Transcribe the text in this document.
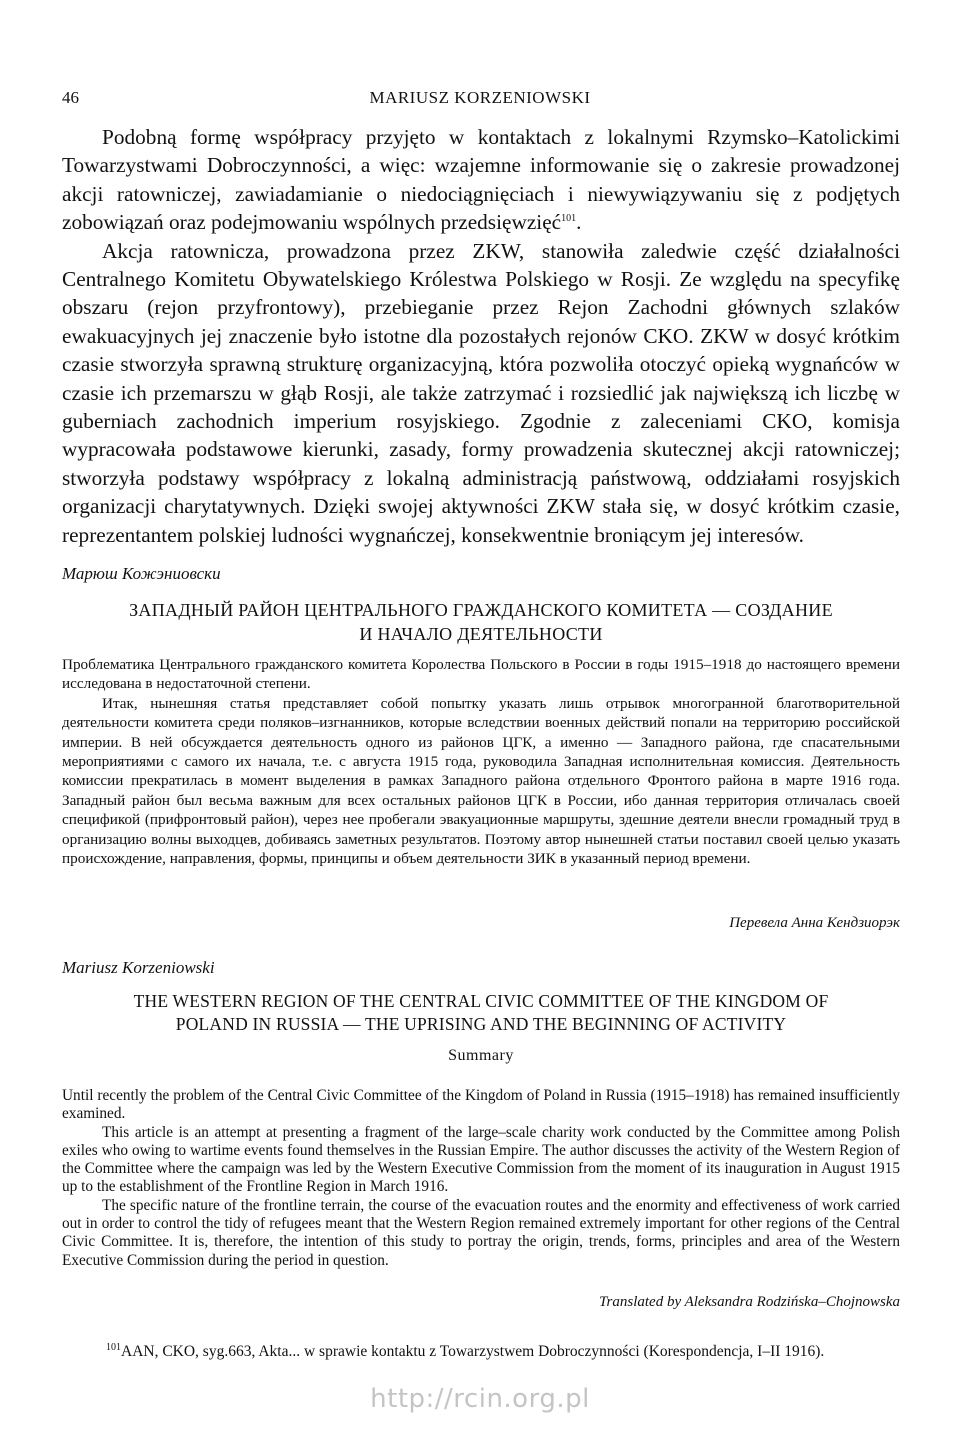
46	MARIUSZ KORZENIOWSKI

Podobną formę współpracy przyjęto w kontaktach z lokalnymi Rzymsko–Katolickimi Towarzystwami Dobroczynności, a więc: wzajemne informowanie się o zakresie prowadzonej akcji ratowniczej, zawiadamianie o niedociągnięciach i niewywiązywaniu się z podjętych zobowiązań oraz podejmowaniu wspólnych przedsięwzięć$^{101}$.

Akcja ratownicza, prowadzona przez ZKW, stanowiła zaledwie część działalności Centralnego Komitetu Obywatelskiego Królestwa Polskiego w Rosji. Ze względu na specyfikę obszaru (rejon przyfrontowy), przebieganie przez Rejon Zachodni głównych szlaków ewakuacyjnych jej znaczenie było istotne dla pozostałych rejonów CKO. ZKW w dosyć krótkim czasie stworzyła sprawną strukturę organizacyjną, która pozwoliła otoczyć opieką wygnańców w czasie ich przemarszu w głąb Rosji, ale także zatrzymać i rozsiedlić jak największą ich liczbę w guberniach zachodnich imperium rosyjskiego. Zgodnie z zaleceniami CKO, komisja wypracowała podstawowe kierunki, zasady, formy prowadzenia skutecznej akcji ratowniczej; stworzyła podstawy współpracy z lokalną administracją państwową, oddziałami rosyjskich organizacji charytatywnych. Dzięki swojej aktywności ZKW stała się, w dosyć krótkim czasie, reprezentantem polskiej ludności wygnańczej, konsekwentnie broniącym jej interesów.

Марюш Кожэниовски
ЗАПАДНЫЙ РАЙОН ЦЕНТРАЛЬНОГО ГРАЖДАНСКОГО КОМИТЕТА — СОЗДАНИЕ
И НАЧАЛО ДЕЯТЕЛЬНОСТИ

Проблематика Центрального гражданского комитета Королества Польского в России в годы 1915–1918 до настоящего времени исследована в недостаточной степени.

Итак, нынешняя статья представляет собой попытку указать лишь отрывок многогранной благотворительной деятельности комитета среди поляков–изгнанников, которые вследствии военных действий попали на территорию российской империи. В ней обсуждается деятельность одного из районов ЦГК, а именно — Западного района, где спасательными мероприятиями с самого их начала, т.е. с августа 1915 года, руководила Западная исполнительная комиссия. Деятельность комиссии прекратилась в момент выделения в рамках Западного района отдельного Фронтого района в марте 1916 года. Западный район был весьма важным для всех остальных районов ЦГК в России, ибо данная территория отличалась своей спецификой (прифронтовый район), через нее пробегали эвакуационные маршруты, здешние деятели внесли громадный труд в организацию волны выходцев, добиваясь заметных результатов. Поэтому автор нынешней статьи поставил своей целью указать происхождение, направления, формы, принципы и объем деятельности ЗИК в указанный период времени.

Перевела Анна Кендзиорэк
Mariusz Korzeniowski
THE WESTERN REGION OF THE CENTRAL CIVIC COMMITTEE OF THE KINGDOM OF
POLAND IN RUSSIA — THE UPRISING AND THE BEGINNING OF ACTIVITY
Summary

Until recently the problem of the Central Civic Committee of the Kingdom of Poland in Russia (1915–1918) has remained insufficiently examined.

This article is an attempt at presenting a fragment of the large–scale charity work conducted by the Committee among Polish exiles who owing to wartime events found themselves in the Russian Empire. The author discusses the activity of the Western Region of the Committee where the campaign was led by the Western Executive Commission from the moment of its inauguration in August 1915 up to the establishment of the Frontline Region in March 1916.

The specific nature of the frontline terrain, the course of the evacuation routes and the enormity and effectiveness of work carried out in order to control the tidy of refugees meant that the Western Region remained extremely important for other regions of the Central Civic Committee. It is, therefore, the intention of this study to portray the origin, trends, forms, principles and area of the Western Executive Commission during the period in question.

Translated by Aleksandra Rodzińska–Chojnowska

$^{101}$AAN, CKO, syg.663, Akta... w sprawie kontaktu z Towarzystwem Dobroczynności (Korespondencja, I–II 1916).

http://rcin.org.pl
